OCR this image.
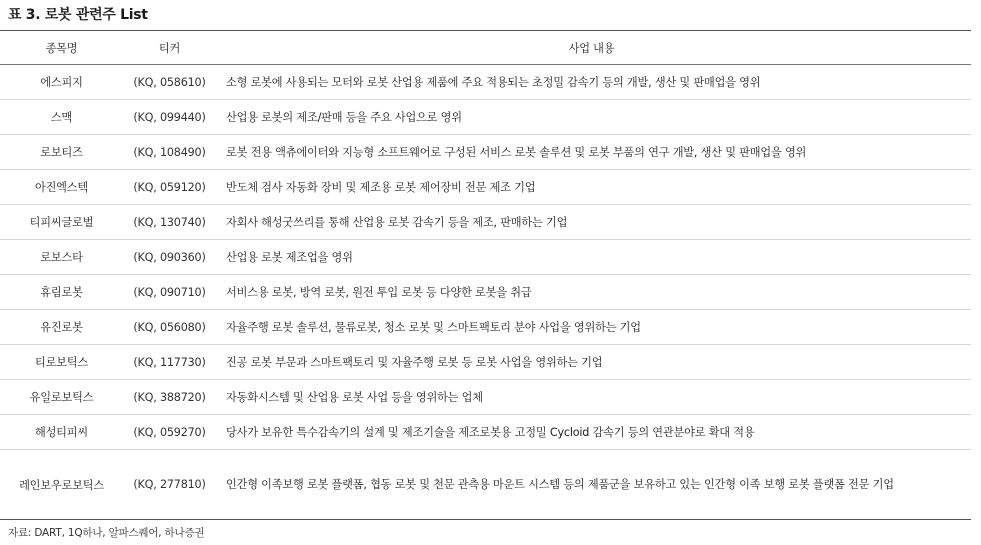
표 3. 로봇 관련주 List
종목명	티커	사업 내용
에스피지	(KQ, 058610)	소형 로봇에 사용되는 모터와 로봇 산업용 제품에 주요 적용되는 초정밀 감속기 등의 개발, 생산 및 판매업을 영위
스맥	(KQ, 099440)	산업용 로봇의 제조/판매 등을 주요 사업으로 영위
로보티즈	(KQ, 108490)	로봇 전용 액츄에이터와 지능형 소프트웨어로 구성된 서비스 로봇 솔루션 및 로봇 부품의 연구 개발, 생산 및 판매업을 영위
아진엑스텍	(KQ, 059120)	반도체 검사 자동화 장비 및 제조용 로봇 제어장비 전문 제조 기업
티피씨글로벌	(KQ, 130740)	자회사 해성굿쓰리를 통해 산업용 로봇 감속기 등을 제조, 판매하는 기업
로보스타	(KQ, 090360)	산업용 로봇 제조업을 영위
휴림로봇	(KQ, 090710)	서비스용 로봇, 방역 로봇, 원전 투입 로봇 등 다양한 로봇을 취급
유진로봇	(KQ, 056080)	자율주행 로봇 솔루션, 물류로봇, 청소 로봇 및 스마트팩토리 분야 사업을 영위하는 기업
티로보틱스	(KQ, 117730)	진공 로봇 부문과 스마트팩토리 및 자율주행 로봇 등 로봇 사업을 영위하는 기업
유일로보틱스	(KQ, 388720)	자동화시스템 및 산업용 로봇 사업 등을 영위하는 업체
해성티피씨	(KQ, 059270)	당사가 보유한 특수감속기의 설계 및 제조기술을 제조로봇용 고정밀 Cycloid 감속기 등의 연관분야로 확대 적용
레인보우로보틱스	(KQ, 277810)	인간형 이족보행 로봇 플랫폼, 협동 로봇 및 천문 관측용 마운트 시스템 등의 제품군을 보유하고 있는 인간형 이족 보행 로봇 플랫폼 전문 기업
자료: DART, 1Q하나, 알파스퀘어, 하나증권
